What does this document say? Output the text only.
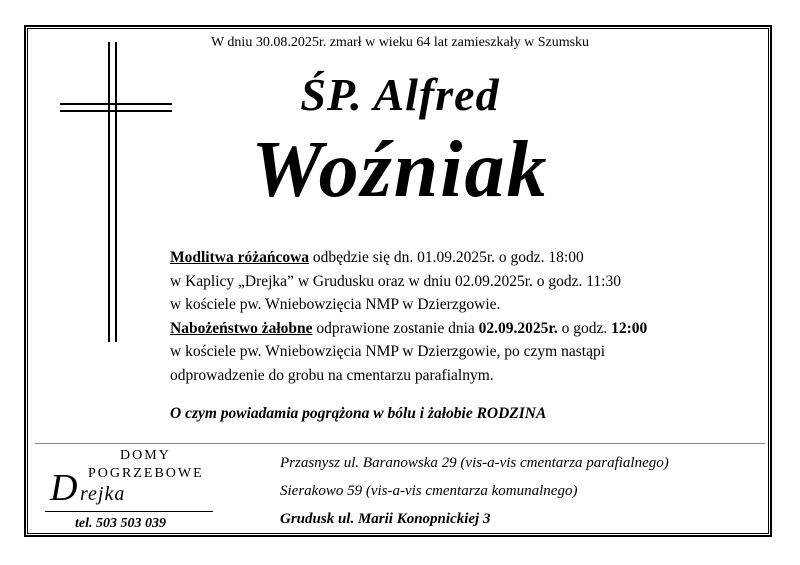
W dniu 30.08.2025r. zmarł w wieku 64 lat zamieszkały w Szumsku
ŚP. Alfred
Woźniak

Modlitwa różańcowa odbędzie się dn. 01.09.2025r. o godz. 18:00

w Kaplicy „Drejka” w Grudusku oraz w dniu 02.09.2025r. o godz. 11:30

w kościele pw. Wniebowzięcia NMP w Dzierzgowie.

Nabożeństwo żałobne odprawione zostanie dnia 02.09.2025r. o godz. 12:00

w kościele pw. Wniebowzięcia NMP w Dzierzgowie, po czym nastąpi

odprowadzenie do grobu na cmentarzu parafialnym.

O czym powiadamia pogrążona w bólu i żałobie RODZINA
DOMY
POGRZEBOWE
D rejka
tel. 503 503 039
Przasnysz ul. Baranowska 29 (vis-a-vis cmentarza parafialnego)
Sierakowo 59 (vis-a-vis cmentarza komunalnego)
Grudusk ul. Marii Konopnickiej 3
